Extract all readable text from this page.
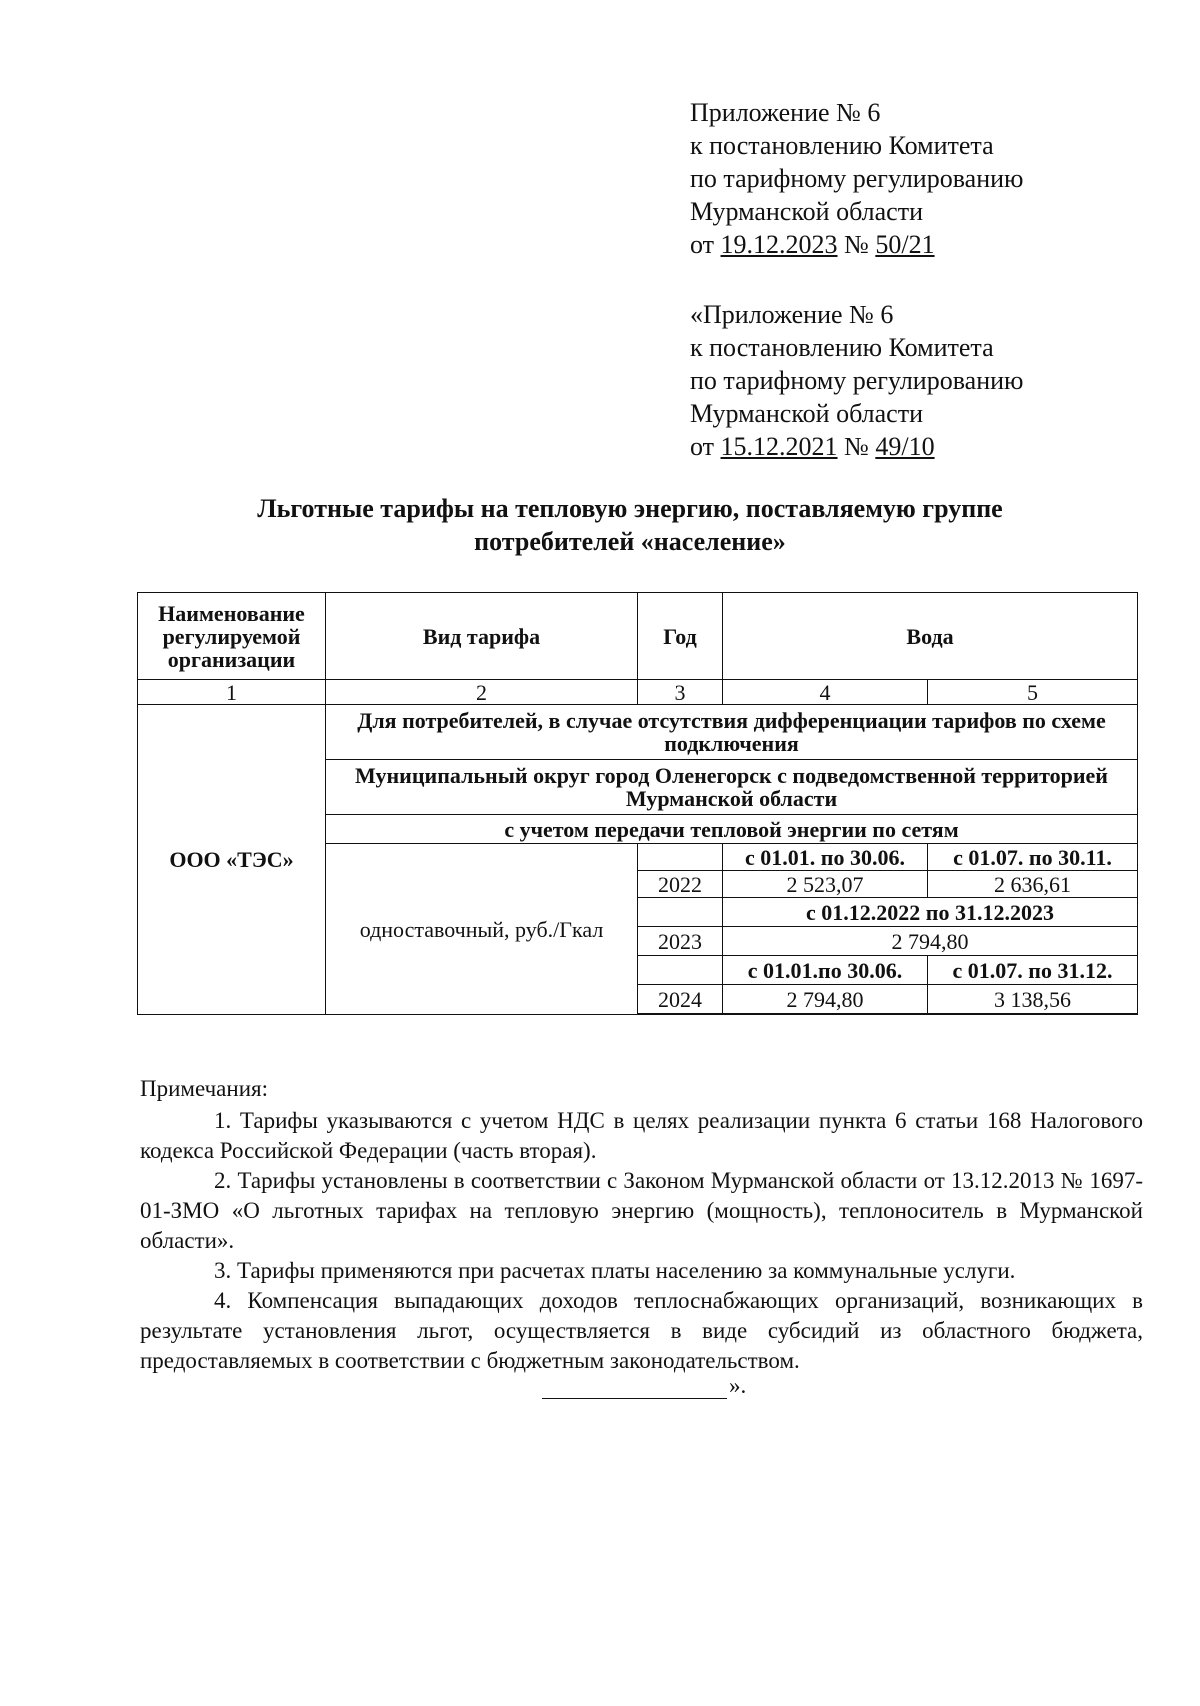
Приложение № 6
к постановлению Комитета
по тарифному регулированию
Мурманской области
от 19.12.2023 № 50/21
«Приложение № 6
к постановлению Комитета
по тарифному регулированию
Мурманской области
от 15.12.2021 № 49/10
Льготные тарифы на тепловую энергию, поставляемую группе
потребителей «население»
Наименование регулируемой организации	Вид тарифа	Год	Вода	
1	2	3	4	5
ООО «ТЭС»	Для потребителей, в случае отсутствия дифференциации тарифов по схеме подключения			
	Муниципальный округ город Оленегорск с подведомственной территорией Мурманской области			
	с учетом передачи тепловой энергии по сетям			
	одноставочный, руб./Гкал		с 01.01. по 30.06.	с 01.07. по 30.11.
		2022	2 523,07	2 636,61
			с 01.12.2022 по 31.12.2023	
		2023	2 794,80	
			с 01.01.по 30.06.	с 01.07. по 31.12.
		2024	2 794,80	3 138,56

Примечания:

1. Тарифы указываются с учетом НДС в целях реализации пункта 6 статьи 168 Налогового кодекса Российской Федерации (часть вторая).

2. Тарифы установлены в соответствии с Законом Мурманской области от 13.12.2013 № 1697-01-ЗМО «О льготных тарифах на тепловую энергию (мощность), теплоноситель в Мурманской области».

3. Тарифы применяются при расчетах платы населению за коммунальные услуги.

4. Компенсация выпадающих доходов теплоснабжающих организаций, возникающих в результате установления льгот, осуществляется в виде субсидий из областного бюджета, предоставляемых в соответствии с бюджетным законодательством.

».
